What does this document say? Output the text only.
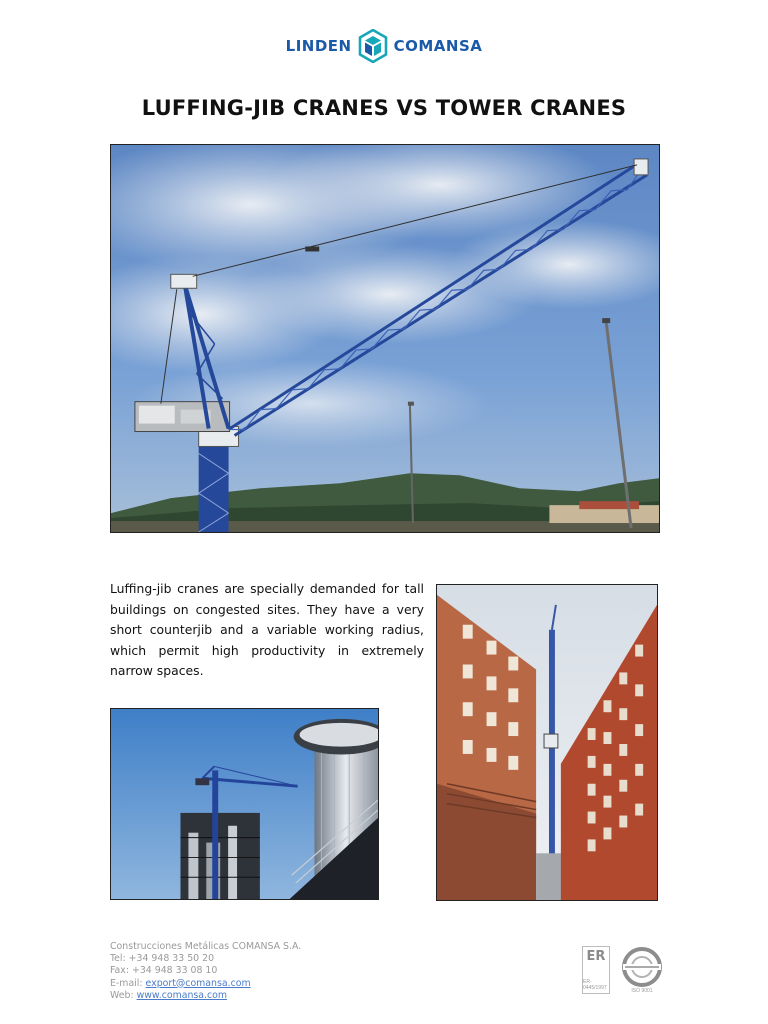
LINDEN	COMANSA
LUFFING-JIB CRANES VS TOWER CRANES

Luffing-jib cranes are specially demanded for tall buildings on congested sites. They have a very short counterjib and a variable working radius, which permit high productivity in extremely narrow spaces.

Construcciones Metálicas COMANSA S.A.
Tel: +34 948 33 50 20
Fax: +34 948 33 08 10
E-mail: export@comansa.com
Web: www.comansa.com
ER
ER-0445/1997	ISO 9001
